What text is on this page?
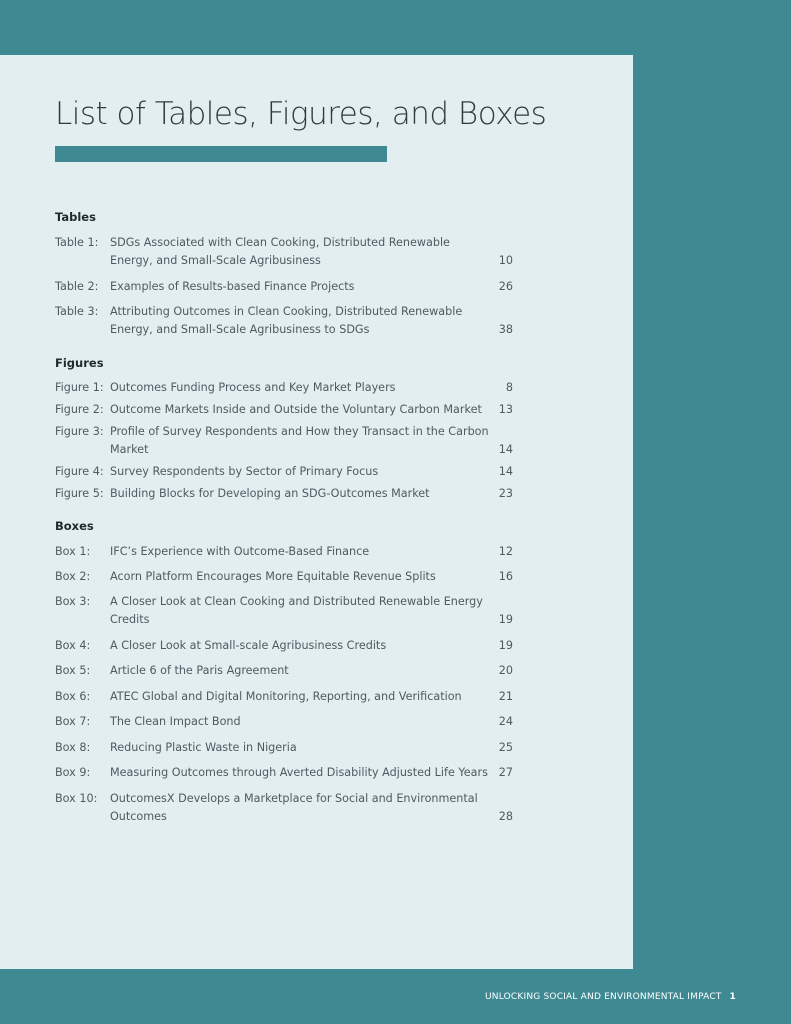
List of Tables, Figures, and Boxes
Tables
Table 1: SDGs Associated with Clean Cooking, Distributed Renewable Energy, and Small-Scale Agribusiness	10
Table 2: Examples of Results-based Finance Projects	26
Table 3: Attributing Outcomes in Clean Cooking, Distributed Renewable Energy, and Small-Scale Agribusiness to SDGs	38
Figures
Figure 1: Outcomes Funding Process and Key Market Players	8
Figure 2: Outcome Markets Inside and Outside the Voluntary Carbon Market	13
Figure 3: Profile of Survey Respondents and How they Transact in the Carbon Market	14
Figure 4: Survey Respondents by Sector of Primary Focus	14
Figure 5: Building Blocks for Developing an SDG-Outcomes Market	23
Boxes
Box 1: IFC’s Experience with Outcome-Based Finance	12
Box 2: Acorn Platform Encourages More Equitable Revenue Splits	16
Box 3: A Closer Look at Clean Cooking and Distributed Renewable Energy Credits	19
Box 4: A Closer Look at Small-scale Agribusiness Credits	19
Box 5: Article 6 of the Paris Agreement	20
Box 6: ATEC Global and Digital Monitoring, Reporting, and Verification	21
Box 7: The Clean Impact Bond	24
Box 8: Reducing Plastic Waste in Nigeria	25
Box 9: Measuring Outcomes through Averted Disability Adjusted Life Years 27
Box 10: OutcomesX Develops a Marketplace for Social and Environmental Outcomes	28
UNLOCKING SOCIAL AND ENVIRONMENTAL IMPACT 1
